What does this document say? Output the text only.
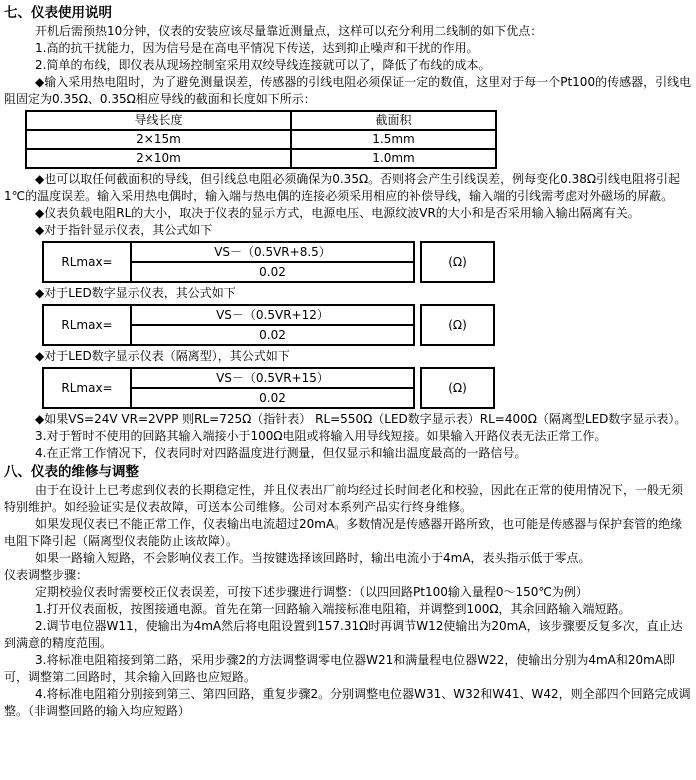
七、仪表使用说明

开机后需预热10分钟，仪表的安装应该尽量靠近测量点，这样可以充分利用二线制的如下优点：

1.高的抗干扰能力，因为信号是在高电平情况下传送，达到抑止噪声和干扰的作用。

2.简单的布线，即仪表从现场控制室采用双绞导线连接就可以了，降低了布线的成本。

◆输入采用热电阻时，为了避免测量误差，传感器的引线电阻必须保证一定的数值，这里对于每一个Pt100的传感器，引线电阻固定为0.35Ω、0.35Ω相应导线的截面和长度如下所示：

导线长度	截面积
2×15m	1.5mm
2×10m	1.0mm

◆也可以取任何截面积的导线，但引线总电阻必须确保为0.35Ω。否则将会产生引线误差，例每变化0.38Ω引线电阻将引起1℃的温度误差。输入采用热电偶时，输入端与热电偶的连接必须采用相应的补偿导线，输入端的引线需考虑对外磁场的屏蔽。

◆仪表负载电阻RL的大小，取决于仪表的显示方式，电源电压、电源纹波VR的大小和是否采用输入输出隔离有关。

◆对于指针显示仪表，其公式如下

RLmax=	$\frac{VS-(0.5VR+8.5)}{0.02}$	(Ω)

◆对于LED数字显示仪表，其公式如下

RLmax=	$\frac{VS-(0.5VR+12)}{0.02}$	(Ω)

◆对于LED数字显示仪表（隔离型），其公式如下

RLmax=	$\frac{VS-(0.5VR+15)}{0.02}$	(Ω)

◆如果VS=24V VR=2VPP 则RL=725Ω（指针表） RL=550Ω（LED数字显示表）RL=400Ω（隔离型LED数字显示表）。

3.对于暂时不使用的回路其输入端接小于100Ω电阻或将输入用导线短接。如果输入开路仪表无法正常工作。

4.在正常工作情况下，仪表同时对四路温度进行测量，但仅显示和输出温度最高的一路信号。

八、仪表的维修与调整

由于在设计上已考虑到仪表的长期稳定性，并且仪表出厂前均经过长时间老化和校验，因此在正常的使用情况下，一般无须特别维护。如经验证实是仪表故障，可送本公司维修。公司对本系列产品实行终身维修。

如果发现仪表已不能正常工作，仪表输出电流超过20mA。多数情况是传感器开路所致，也可能是传感器与保护套管的绝缘电阻下降引起（隔离型仪表能防止该故障）。

如果一路输入短路，不会影响仪表工作。当按键选择该回路时，输出电流小于4mA，表头指示低于零点。

仪表调整步骤：

定期校验仪表时需要校正仪表误差，可按下述步骤进行调整：（以四回路Pt100输入量程0～150℃为例）

1.打开仪表面板，按图接通电源。首先在第一回路输入端接标准电阻箱，并调整到100Ω，其余回路输入端短路。

2.调节电位器W11，使输出为4mA然后将电阻设置到157.31Ω时再调节W12使输出为20mA，该步骤要反复多次，直止达到满意的精度范围。

3.将标准电阻箱接到第二路，采用步骤2的方法调整调零电位器W21和满量程电位器W22，使输出分别为4mA和20mA即可，调整第二回路时，其余输入回路也应短路。

4.将标准电阻箱分别接到第三、第四回路，重复步骤2。分别调整电位器W31、W32和W41、W42，则全部四个回路完成调整。（非调整回路的输入均应短路）
